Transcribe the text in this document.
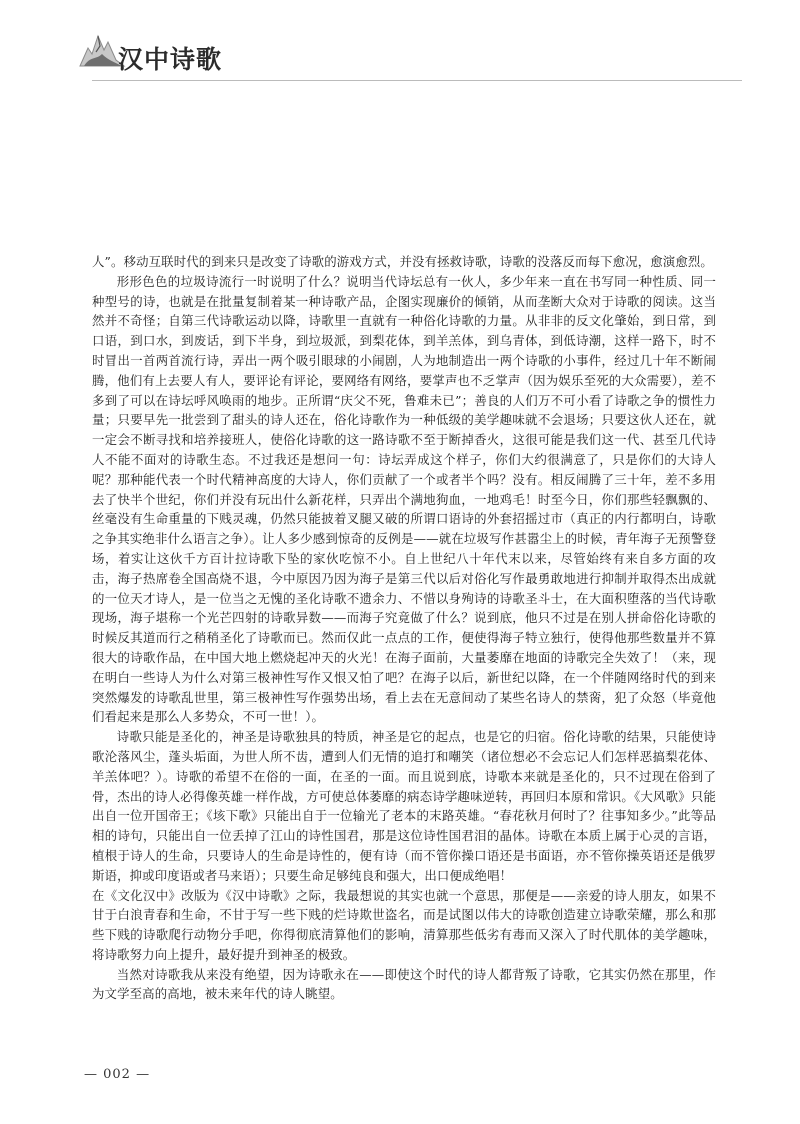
汉中诗歌

人”。移动互联时代的到来只是改变了诗歌的游戏方式，并没有拯救诗歌，诗歌的没落反而每下愈况，愈演愈烈。

形形色色的垃圾诗流行一时说明了什么？说明当代诗坛总有一伙人，多少年来一直在书写同一种性质、同一种型号的诗，也就是在批量复制着某一种诗歌产品，企图实现廉价的倾销，从而垄断大众对于诗歌的阅读。这当然并不奇怪；自第三代诗歌运动以降，诗歌里一直就有一种俗化诗歌的力量。从非非的反文化肇始，到日常，到口语，到口水，到废话，到下半身，到垃圾派，到梨花体，到羊羔体，到乌青体，到低诗潮，这样一路下，时不时冒出一首两首流行诗，弄出一两个吸引眼球的小闹剧，人为地制造出一两个诗歌的小事件，经过几十年不断闹腾，他们有上去要人有人，要评论有评论，要网络有网络，要掌声也不乏掌声（因为娱乐至死的大众需要），差不多到了可以在诗坛呼风唤雨的地步。正所谓“庆父不死，鲁难未已”；善良的人们万不可小看了诗歌之争的惯性力量；只要早先一批尝到了甜头的诗人还在，俗化诗歌作为一种低级的美学趣味就不会退场；只要这伙人还在，就一定会不断寻找和培养接班人，使俗化诗歌的这一路诗歌不至于断掉香火，这很可能是我们这一代、甚至几代诗人不能不面对的诗歌生态。不过我还是想问一句：诗坛弄成这个样子，你们大约很满意了，只是你们的大诗人呢？那种能代表一个时代精神高度的大诗人，你们贡献了一个或者半个吗？没有。相反闹腾了三十年，差不多用去了快半个世纪，你们并没有玩出什么新花样，只弄出个满地狗血，一地鸡毛！时至今日，你们那些轻飘飘的、丝毫没有生命重量的下贱灵魂，仍然只能披着叉腿又破的所谓口语诗的外套招摇过市（真正的内行都明白，诗歌之争其实绝非什么语言之争）。让人多少感到惊奇的反例是——就在垃圾写作甚嚣尘上的时候，青年海子无预警登场，着实让这伙千方百计拉诗歌下坠的家伙吃惊不小。自上世纪八十年代末以来，尽管始终有来自多方面的攻击，海子热席卷全国高烧不退，今中原因乃因为海子是第三代以后对俗化写作最勇敢地进行抑制并取得杰出成就的一位天才诗人，是一位当之无愧的圣化诗歌不遗余力、不惜以身殉诗的诗歌圣斗士，在大面积堕落的当代诗歌现场，海子堪称一个光芒四射的诗歌异数——而海子究竟做了什么？说到底，他只不过是在别人拼命俗化诗歌的时候反其道而行之稍稍圣化了诗歌而已。然而仅此一点点的工作，便使得海子特立独行，使得他那些数量并不算很大的诗歌作品，在中国大地上燃烧起冲天的火光！在海子面前，大量萎靡在地面的诗歌完全失效了！（来，现在明白一些诗人为什么对第三极神性写作又恨又怕了吧？在海子以后，新世纪以降，在一个伴随网络时代的到来突然爆发的诗歌乱世里，第三极神性写作强势出场，看上去在无意间动了某些名诗人的禁脔，犯了众怒（毕竟他们看起来是那么人多势众，不可一世！）。

诗歌只能是圣化的，神圣是诗歌独具的特质，神圣是它的起点，也是它的归宿。俗化诗歌的结果，只能使诗歌沦落风尘，蓬头垢面，为世人所不齿，遭到人们无情的追打和嘲笑（诸位想必不会忘记人们怎样恶搞梨花体、羊羔体吧？）。诗歌的希望不在俗的一面，在圣的一面。而且说到底，诗歌本来就是圣化的，只不过现在俗到了骨，杰出的诗人必得像英雄一样作战，方可使总体萎靡的病态诗学趣味逆转，再回归本原和常识。《大风歌》只能出自一位开国帝王；《垓下歌》只能出自于一位输光了老本的末路英雄。“春花秋月何时了？往事知多少。”此等品相的诗句，只能出自一位丢掉了江山的诗性国君，那是这位诗性国君泪的晶体。诗歌在本质上属于心灵的言语，植根于诗人的生命，只要诗人的生命是诗性的，便有诗（而不管你操口语还是书面语，亦不管你操英语还是俄罗斯语，抑或印度语或者马来语）；只要生命足够纯良和强大，出口便成绝唱！

在《文化汉中》改版为《汉中诗歌》之际，我最想说的其实也就一个意思，那便是——亲爱的诗人朋友，如果不甘于白浪青春和生命，不甘于写一些下贱的烂诗欺世盗名，而是试图以伟大的诗歌创造建立诗歌荣耀，那么和那些下贱的诗歌爬行动物分手吧，你得彻底清算他们的影响，清算那些低劣有毒而又深入了时代肌体的美学趣味，将诗歌努力向上提升，最好提升到神圣的极致。

当然对诗歌我从来没有绝望，因为诗歌永在——即使这个时代的诗人都背叛了诗歌，它其实仍然在那里，作为文学至高的高地，被未来年代的诗人眺望。

— 002 —
